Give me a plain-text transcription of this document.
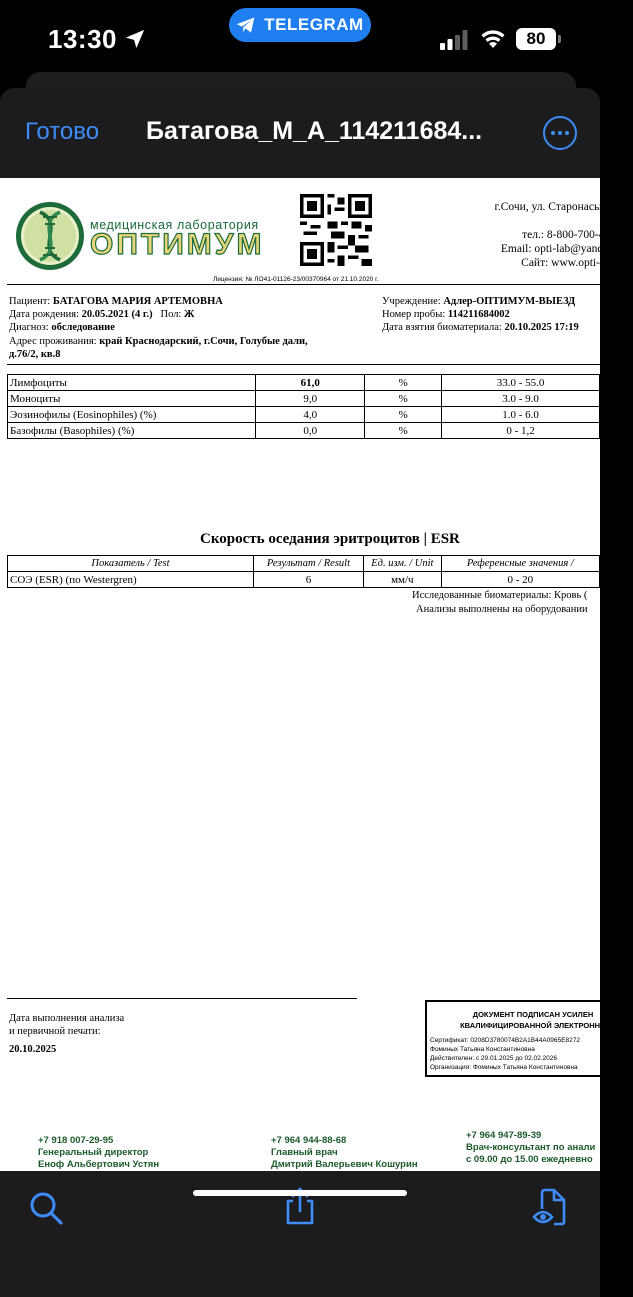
13:30	TELEGRAM
80
Готово Батагова_М_А_114211684...
медицинская лаборатория
ОПТИМУМ
Лицензия: № ЛО41-01126-23/00370964 от 21.10.2020 г.
г.Сочи, ул. Старонасыпн
д
тел.: 8-800-700-47-
Email: opti-lab@yandex
Сайт: www.opti-lab
Пациент: БАТАГОВА МАРИЯ АРТЕМОВНА
Дата рождения: 20.05.2021 (4 г.) Пол: Ж
Диагноз: обследование
Адрес проживания: край Краснодарский, г.Сочи, Голубые дали,
д.76/2, кв.8
Учреждение: Адлер-ОПТИМУМ-ВЫЕЗД
Номер пробы: 114211684002
Дата взятия биоматериала: 20.10.2025 17:19
Лимфоциты	61,0	%	33.0 - 55.0
Моноциты	9,0	%	3.0 - 9.0
Эозинофилы (Eosinophiles) (%)	4,0	%	1.0 - 6.0
Базофилы (Basophiles) (%)	0,0	%	0 - 1,2
Скорость оседания эритроцитов | ESR
Показатель / Test	Результат / Result	Ед. изм. / Unit	Референсные значения /
СОЭ (ESR) (по Westergren)	6	мм/ч	0 - 20
Исследованные биоматериалы: Кровь (
Анализы выполнены на оборудовании
Дата выполнения анализа
и первичной печати:
20.10.2025
ДОКУМЕНТ ПОДПИСАН УСИЛЕН
КВАЛИФИЦИРОВАННОЙ ЭЛЕКТРОННО
Сертификат: 0208D3780074B2A1B44A0965E8272
Фоминых Татьяна Константиновна
Действителен: с 29.01.2025 до 02.02.2026
Организация: Фоминых Татьяна Константиновна
+7 918 007-29-95
Генеральный директор
Еноф Альбертович Устян
+7 964 944-88-68
Главный врач
Дмитрий Валерьевич Кошурин
+7 964 947-89-39
Врач-консультант по анали
с 09.00 до 15.00 ежедневно
